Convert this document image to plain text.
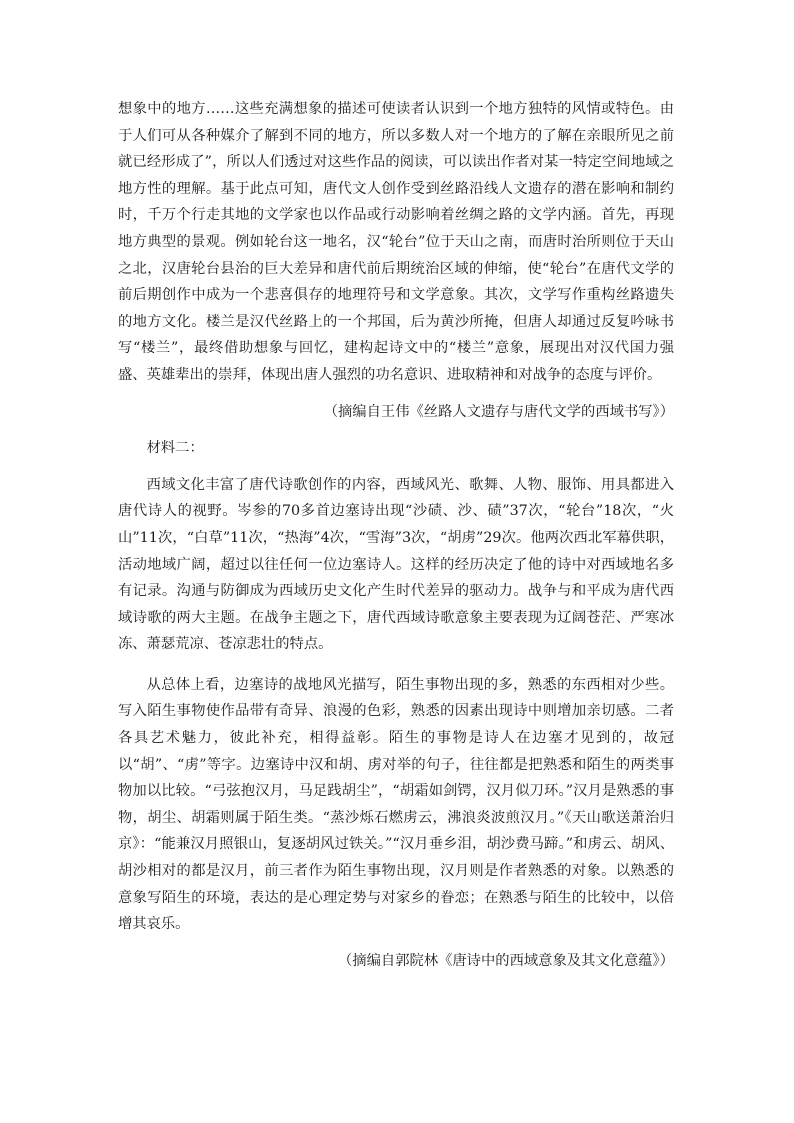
想象中的地方……这些充满想象的描述可使读者认识到一个地方独特的风情或特色。由于人们可从各种媒介了解到不同的地方，所以多数人对一个地方的了解在亲眼所见之前就已经形成了”，所以人们透过对这些作品的阅读，可以读出作者对某一特定空间地域之地方性的理解。基于此点可知，唐代文人创作受到丝路沿线人文遗存的潜在影响和制约时，千万个行走其地的文学家也以作品或行动影响着丝绸之路的文学内涵。首先，再现地方典型的景观。例如轮台这一地名，汉“轮台”位于天山之南，而唐时治所则位于天山之北，汉唐轮台县治的巨大差异和唐代前后期统治区域的伸缩，使“轮台”在唐代文学的前后期创作中成为一个悲喜俱存的地理符号和文学意象。其次，文学写作重构丝路遗失的地方文化。楼兰是汉代丝路上的一个邦国，后为黄沙所掩，但唐人却通过反复吟咏书写“楼兰”，最终借助想象与回忆，建构起诗文中的“楼兰”意象，展现出对汉代国力强盛、英雄辈出的崇拜，体现出唐人强烈的功名意识、进取精神和对战争的态度与评价。

（摘编自王伟《丝路人文遗存与唐代文学的西域书写》）

材料二：

西域文化丰富了唐代诗歌创作的内容，西域风光、歌舞、人物、服饰、用具都进入唐代诗人的视野。岑参的70多首边塞诗出现“沙碛、沙、碛”37次，“轮台”18次，“火山”11次，“白草”11次，“热海”4次，“雪海”3次，“胡虏”29次。他两次西北军幕供职，活动地域广阔，超过以往任何一位边塞诗人。这样的经历决定了他的诗中对西域地名多有记录。沟通与防御成为西域历史文化产生时代差异的驱动力。战争与和平成为唐代西域诗歌的两大主题。在战争主题之下，唐代西域诗歌意象主要表现为辽阔苍茫、严寒冰冻、萧瑟荒凉、苍凉悲壮的特点。

从总体上看，边塞诗的战地风光描写，陌生事物出现的多，熟悉的东西相对少些。写入陌生事物使作品带有奇异、浪漫的色彩，熟悉的因素出现诗中则增加亲切感。二者各具艺术魅力，彼此补充，相得益彰。陌生的事物是诗人在边塞才见到的，故冠以“胡”、“虏”等字。边塞诗中汉和胡、虏对举的句子，往往都是把熟悉和陌生的两类事物加以比较。“弓弦抱汉月，马足践胡尘”，“胡霜如剑锷，汉月似刀环。”汉月是熟悉的事物，胡尘、胡霜则属于陌生类。“蒸沙烁石燃虏云，沸浪炎波煎汉月。”《天山歌送萧治归京》：“能兼汉月照银山，复逐胡风过铁关。”“汉月垂乡泪，胡沙费马蹄。”和虏云、胡风、胡沙相对的都是汉月，前三者作为陌生事物出现，汉月则是作者熟悉的对象。以熟悉的意象写陌生的环境，表达的是心理定势与对家乡的眷恋；在熟悉与陌生的比较中，以倍增其哀乐。

（摘编自郭院林《唐诗中的西域意象及其文化意蕴》）
